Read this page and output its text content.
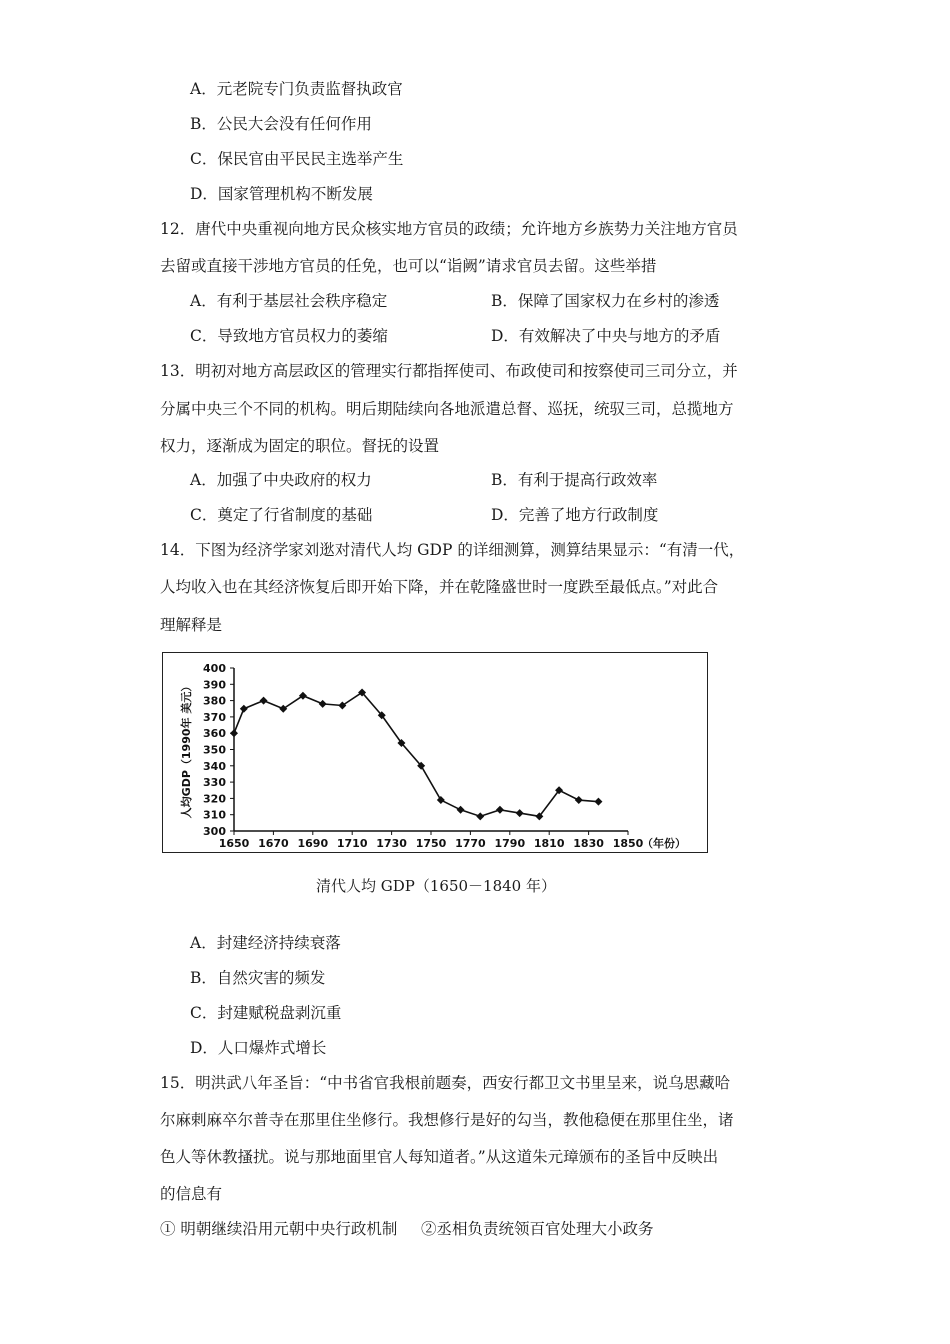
A．元老院专门负责监督执政官
B．公民大会没有任何作用
C．保民官由平民民主选举产生
D．国家管理机构不断发展
12．唐代中央重视向地方民众核实地方官员的政绩；允许地方乡族势力关注地方官员
去留或直接干涉地方官员的任免，也可以“诣阙”请求官员去留。这些举措
A．有利于基层社会秩序稳定	B．保障了国家权力在乡村的渗透
C．导致地方官员权力的萎缩	D．有效解决了中央与地方的矛盾
13．明初对地方高层政区的管理实行都指挥使司、布政使司和按察使司三司分立，并
分属中央三个不同的机构。明后期陆续向各地派遣总督、巡抚，统驭三司，总揽地方
权力，逐渐成为固定的职位。督抚的设置
A．加强了中央政府的权力	B．有利于提高行政效率
C．奠定了行省制度的基础	D．完善了地方行政制度
14．下图为经济学家刘逖对清代人均 GDP 的详细测算，测算结果显示：“有清一代，
人均收入也在其经济恢复后即开始下降，并在乾隆盛世时一度跌至最低点。”对此合
理解释是
300
310
320
330
340
350
360
370
380
390
400
1650 1670 1690 1710 1730 1750 1770 1790 1810 1830 1850
（年份）
人均GDP（1990年 美元）
清代人均 GDP（1650－1840 年）
A．封建经济持续衰落
B．自然灾害的频发
C．封建赋税盘剥沉重
D．人口爆炸式增长
15．明洪武八年圣旨：“中书省官我根前题奏，西安行都卫文书里呈来，说乌思藏哈
尔麻剌麻卒尔普寺在那里住坐修行。我想修行是好的勾当，教他稳便在那里住坐，诸
色人等休教搔扰。说与那地面里官人每知道者。”从这道朱元璋颁布的圣旨中反映出
的信息有
① 明朝继续沿用元朝中央行政机制 ②丞相负责统领百官处理大小政务
